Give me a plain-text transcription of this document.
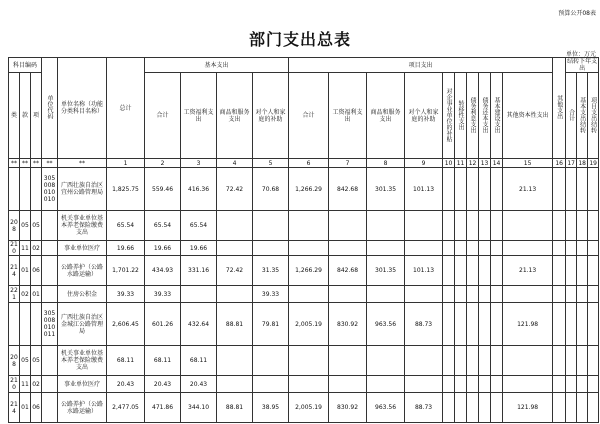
预算公开08表
部门支出总表
单位：万元
科目编码			单位代码	单位名称（功能分类科目名称）	总计	基本支出				项目支出										其他支出	结转下年支出		
类	款	项				合计	工资福利支出	商品和服务支出	对个人和家庭的补助	合计	工资福利支出	商品和服务支出	对个人和家庭的补助	对企事业单位的补贴	转移性支出	债务利息支出	债务还本支出	基本建设支出	其他资本性支出		合计	基本支出结转	项目支出结转
**	**	**	**	**	1	2	3	4	5	6	7	8	9	10	11	12	13	14	15	16	17	18	19
			305008010010	广西壮族自治区宜州公路管理局	1,825.75	559.46	416.36	72.42	70.68	1,266.29	842.68	301.35	101.13						21.13				
208	05	05		机关事业单位基本养老保险缴费支出	65.54	65.54	65.54																
210	11	02		事业单位医疗	19.66	19.66	19.66																
214	01	06		公路养护（公路水路运输）	1,701.22	434.93	331.16	72.42	31.35	1,266.29	842.68	301.35	101.13						21.13				
221	02	01		住房公积金	39.33	39.33			39.33														
			305008010011	广西壮族自治区金城江公路管理局	2,606.45	601.26	432.64	88.81	79.81	2,005.19	830.92	963.56	88.73						121.98				
208	05	05		机关事业单位基本养老保险缴费支出	68.11	68.11	68.11																
210	11	02		事业单位医疗	20.43	20.43	20.43																
214	01	06		公路养护（公路水路运输）	2,477.05	471.86	344.10	88.81	38.95	2,005.19	830.92	963.56	88.73						121.98				
